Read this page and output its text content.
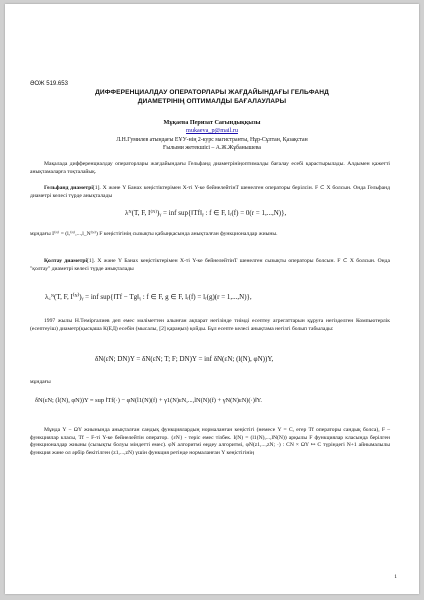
ӘОЖ 519.653
ДИФФЕРЕНЦИАЛДАУ ОПЕРАТОРЛАРЫ ЖАҒДАЙЫНДАҒЫ ГЕЛЬФАНД
ДИАМЕТРІНІҢ ОПТИМАЛДЫ БАҒАЛАУЛАРЫ
Мұқаева Перизат Сағындыққызы
mukaeva_p@mail.ru
Л.Н.Гумилев атындағы ЕҰУ-нің 2-курс магистранты, Нұр-Сұлтан, Қазақстан
Ғылыми жетекшісі – А.Ж.Жұбанышева
Мақалада дифференциалдау операторлары жағдайындағы Гельфанд диаметрініңоптималды бағалау есебі қарастырылады. Алдымен қажетті анықтамаларға тоқталайық.
Гельфанд диаметрі[1]. X және Y Банах кеңістіктерімен X-ті Y-ке бейнелейтінT шенелген операторы берілсін. F ⊂ X болсын. Онда Гельфанд диаметрі келесі түрде анықталады
λᴺ(T, F, I⁽ᴺ⁾)ᵧ = inf sup{‖Tf‖ᵧ : f ∈ F, lᵣ(f) = 0(r = 1,...,N)},
мұндағы I⁽ᴺ⁾ = (lᵣ⁽ᴺ⁾,...,l_N⁽ᴺ⁾) F кеңістігінің сызықты қабыңқасында анықталған функционалдар жиыны.
Қолтау диаметрі[1]. X және Y Банах кеңістіктерімен X-ті Y-ке бейнелейтінT шенелген сызықты операторы болсын. F ⊂ X болсын. Онда "қолтау" диаметрі келесі түрде анықталады
λ꜀ᴺ(T, F, I⁽ᴺ⁾)ᵧ = inf sup{‖Tf − Tg‖ᵧ : f ∈ F, g ∈ F, lᵣ(f) = lᵣ(g)(r = 1,...,N)},
1997 жылы Н.Теміргалиев деп емес мәліметтен алынған ақпарат негізінде тиімді есептеу агрегаттарын құруға негізделген Компьютерлік (есептеуіш) диаметр(қысқаша К(ЕД) есебін (мысалы, [2] қараңыз) қойды. Бұл есепте келесі анықтама негізгі болып табылады:
δN(εN; DN)Y = δN(εN; T; F; DN)Y = inf δN(εN; (l(N), φN))Y,
мұндағы
δN(εN; (l(N), φN))Y = sup ‖Tf(·) − φN(l1(N)(f) + γ1(N)εN,...,lN(N)(f) + γN(N)εN)(·)‖Y.
Мұнда Y − ΩY жиынында анықталған сандық функциялардың нормаланған кеңістігі (немесе Y = C, егер Tf операторы сандық болса), F – функциялар класы, Tf − F-ті Y-ке бейнелейтін оператор. {εN} - теріс емес тізбек. I(N) = (l1(N),...,lN(N)) арқылы F функциялар класында берілген функционалдар жиыны (сызықты болуы міндетті емес). φN алгоритмі өңдеу алгоритмі, φN(z1,...,zN; ·) : CN × ΩY ↦ C түріндегі N+1 айнымалылы функция және ол әрбір бекітілген (z1,...,zN) үшін функция ретінде нормаланған Y кеңістігінің
1
